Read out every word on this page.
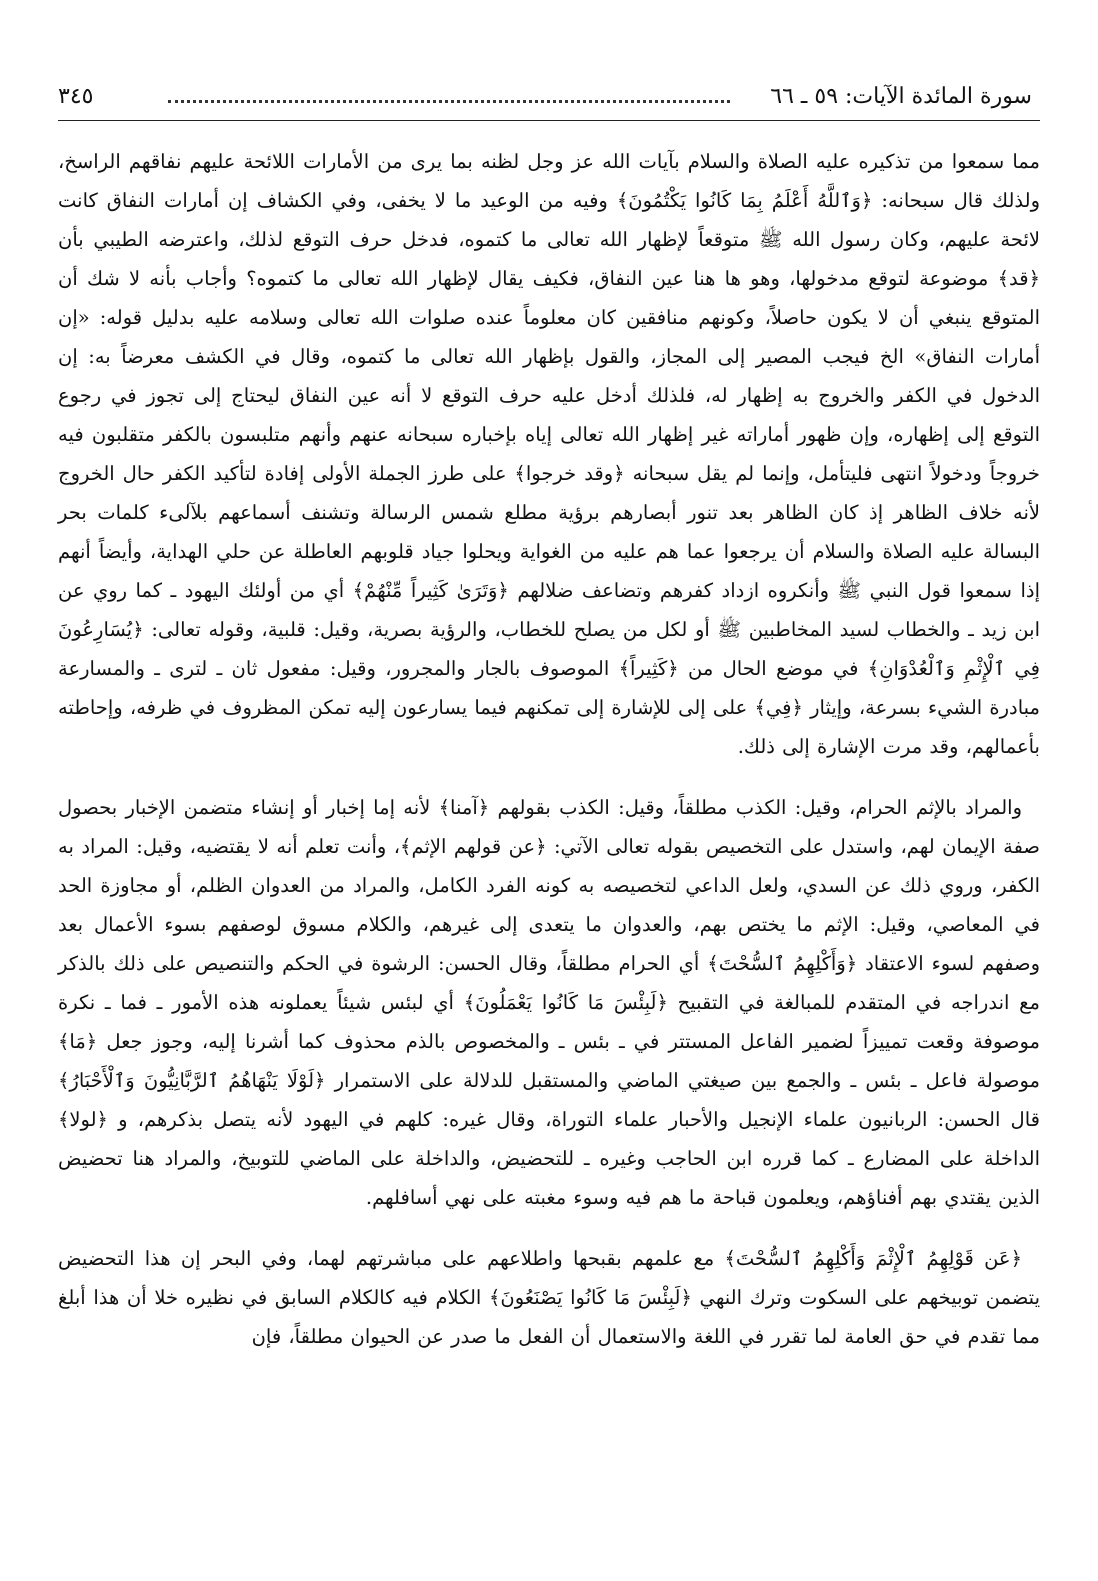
سورة المائدة الآيات: ٥٩ ـ ٦٦
٣٤٥

مما سمعوا من تذكيره عليه الصلاة والسلام بآيات الله عز وجل لظنه بما يرى من الأمارات اللائحة عليهم نفاقهم الراسخ، ولذلك قال سبحانه: ﴿وَٱللَّهُ أَعْلَمُ بِمَا كَانُوا يَكْتُمُونَ﴾ وفيه من الوعيد ما لا يخفى، وفي الكشاف إن أمارات النفاق كانت لائحة عليهم، وكان رسول الله ﷺ متوقعاً لإظهار الله تعالى ما كتموه، فدخل حرف التوقع لذلك، واعترضه الطيبي بأن ﴿قد﴾ موضوعة لتوقع مدخولها، وهو ها هنا عين النفاق، فكيف يقال لإظهار الله تعالى ما كتموه؟ وأجاب بأنه لا شك أن المتوقع ينبغي أن لا يكون حاصلاً، وكونهم منافقين كان معلوماً عنده صلوات الله تعالى وسلامه عليه بدليل قوله: «إن أمارات النفاق» الخ فيجب المصير إلى المجاز، والقول بإظهار الله تعالى ما كتموه، وقال في الكشف معرضاً به: إن الدخول في الكفر والخروج به إظهار له، فلذلك أدخل عليه حرف التوقع لا أنه عين النفاق ليحتاج إلى تجوز في رجوع التوقع إلى إظهاره، وإن ظهور أماراته غير إظهار الله تعالى إياه بإخباره سبحانه عنهم وأنهم متلبسون بالكفر متقلبون فيه خروجاً ودخولاً انتهى فليتأمل، وإنما لم يقل سبحانه ﴿وقد خرجوا﴾ على طرز الجملة الأولى إفادة لتأكيد الكفر حال الخروج لأنه خلاف الظاهر إذ كان الظاهر بعد تنور أبصارهم برؤية مطلع شمس الرسالة وتشنف أسماعهم بلآلىء كلمات بحر البسالة عليه الصلاة والسلام أن يرجعوا عما هم عليه من الغواية ويحلوا جياد قلوبهم العاطلة عن حلي الهداية، وأيضاً أنهم إذا سمعوا قول النبي ﷺ وأنكروه ازداد كفرهم وتضاعف ضلالهم ﴿وَتَرَىٰ كَثِيراً مِّنْهُمْ﴾ أي من أولئك اليهود ـ كما روي عن ابن زيد ـ والخطاب لسيد المخاطبين ﷺ أو لكل من يصلح للخطاب، والرؤية بصرية، وقيل: قلبية، وقوله تعالى: ﴿يُسَارِعُونَ فِي ٱلْإِثْمِ وَٱلْعُدْوَانِ﴾ في موضع الحال من ﴿كَثِيراً﴾ الموصوف بالجار والمجرور، وقيل: مفعول ثان ـ لترى ـ والمسارعة مبادرة الشيء بسرعة، وإيثار ﴿فِي﴾ على إلى للإشارة إلى تمكنهم فيما يسارعون إليه تمكن المظروف في ظرفه، وإحاطته بأعمالهم، وقد مرت الإشارة إلى ذلك.

والمراد بالإثم الحرام، وقيل: الكذب مطلقاً، وقيل: الكذب بقولهم ﴿آمنا﴾ لأنه إما إخبار أو إنشاء متضمن الإخبار بحصول صفة الإيمان لهم، واستدل على التخصيص بقوله تعالى الآتي: ﴿عن قولهم الإثم﴾، وأنت تعلم أنه لا يقتضيه، وقيل: المراد به الكفر، وروي ذلك عن السدي، ولعل الداعي لتخصيصه به كونه الفرد الكامل، والمراد من العدوان الظلم، أو مجاوزة الحد في المعاصي، وقيل: الإثم ما يختص بهم، والعدوان ما يتعدى إلى غيرهم، والكلام مسوق لوصفهم بسوء الأعمال بعد وصفهم لسوء الاعتقاد ﴿وَأَكْلِهِمُ ٱلسُّحْتَ﴾ أي الحرام مطلقاً، وقال الحسن: الرشوة في الحكم والتنصيص على ذلك بالذكر مع اندراجه في المتقدم للمبالغة في التقبيح ﴿لَبِئْسَ مَا كَانُوا يَعْمَلُونَ﴾ أي لبئس شيئاً يعملونه هذه الأمور ـ فما ـ نكرة موصوفة وقعت تمييزاً لضمير الفاعل المستتر في ـ بئس ـ والمخصوص بالذم محذوف كما أشرنا إليه، وجوز جعل ﴿مَا﴾ موصولة فاعل ـ بئس ـ والجمع بين صيغتي الماضي والمستقبل للدلالة على الاستمرار ﴿لَوْلَا يَنْهَاهُمُ ٱلرَّبَّانِيُّونَ وَٱلْأَحْبَارُ﴾ قال الحسن: الربانيون علماء الإنجيل والأحبار علماء التوراة، وقال غيره: كلهم في اليهود لأنه يتصل بذكرهم، و ﴿لولا﴾ الداخلة على المضارع ـ كما قرره ابن الحاجب وغيره ـ للتحضيض، والداخلة على الماضي للتوبيخ، والمراد هنا تحضيض الذين يقتدي بهم أفناؤهم، ويعلمون قباحة ما هم فيه وسوء مغبته على نهي أسافلهم.

﴿عَن قَوْلِهِمُ ٱلْإِثْمَ وَأَكْلِهِمُ ٱلسُّحْتَ﴾ مع علمهم بقبحها واطلاعهم على مباشرتهم لهما، وفي البحر إن هذا التحضيض يتضمن توبيخهم على السكوت وترك النهي ﴿لَبِئْسَ مَا كَانُوا يَصْنَعُونَ﴾ الكلام فيه كالكلام السابق في نظيره خلا أن هذا أبلغ مما تقدم في حق العامة لما تقرر في اللغة والاستعمال أن الفعل ما صدر عن الحيوان مطلقاً، فإن
